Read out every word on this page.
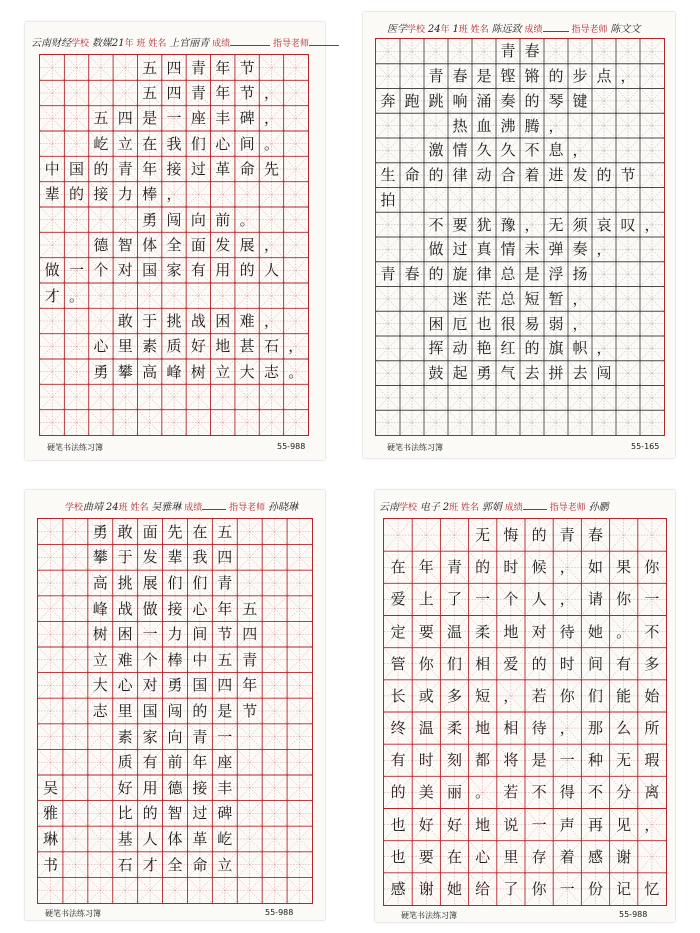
云南财经学校 数媒21年 班 姓名 上官丽青 成绩	指导老师
五 四 青 年 节
五 四 青 年 节 ，
五 四 是 一 座 丰 碑 ，
屹 立 在 我 们 心 间 。
中 国 的 青 年 接 过 革 命 先
辈 的 接 力 棒 ，
勇 闯 向 前 。
德 智 体 全 面 发 展 ，
做 一 个 对 国 家 有 用 的 人
才 。
敢 于 挑 战 困 难 ，
心 里 素 质 好 地 甚 石 ，
勇 攀 高 峰 树 立 大 志 。
硬笔书法练习簿	55-988
医学学校 24年 1班 姓名 陈远致 成绩	指导老师 陈文文
青 春
青 春 是 铿 锵 的 步 点 ，
奔 跑 跳 响 涌 奏 的 琴 键
热 血 沸 腾 ，
激 情 久 久 不 息 ，
生 命 的 律 动 合 着 进 发 的 节
拍
不 要 犹 豫 ， 无 须 哀 叹 ，
做 过 真 情 未 弹 奏 ，
青 春 的 旋 律 总 是 浮 扬
迷 茫 总 短 暂 ，
困 厄 也 很 易 弱 ，
挥 动 艳 红 的 旗 帜 ，
鼓 起 勇 气 去 拼 去 闯
硬笔书法练习簿	55-165
学校曲靖 24班 姓名 吴雅琳 成绩	指导老师 孙晓琳
勇
攀
高
峰
树
立
大
志
敢
于
挑
战
困
难
心
里
素
质
好
比
基
石
面
发
展
做
一
个
对
国
家
有
用
的
人
才
先
辈
们
接
力
棒
勇
闯
向
前
德
智
体
全
在
我
们
心
间
中
国
的
青
年
接
过
革
命
五
四
青
年
节
五
四
是
一
座
丰
碑
屹
立
五
四
青
年
节
吴
雅
琳
书
硬笔书法练习簿	55-988
云南学校 电子 2班 姓名 郭娟 成绩	指导老师 孙鹏
无 悔 的 青 春
在 年 青 的 时 候 ， 如 果 你
爱 上 了 一 个 人 ， 请 你 一
定 要 温 柔 地 对 待 她 。 不
管 你 们 相 爱 的 时 间 有 多
长 或 多 短 ， 若 你 们 能 始
终 温 柔 地 相 待 ， 那 么 所
有 时 刻 都 将 是 一 种 无 瑕
的 美 丽 。 若 不 得 不 分 离
也 好 好 地 说 一 声 再 见 ，
也 要 在 心 里 存 着 感 谢
感 谢 她 给 了 你 一 份 记 忆
硬笔书法练习簿	55-988
